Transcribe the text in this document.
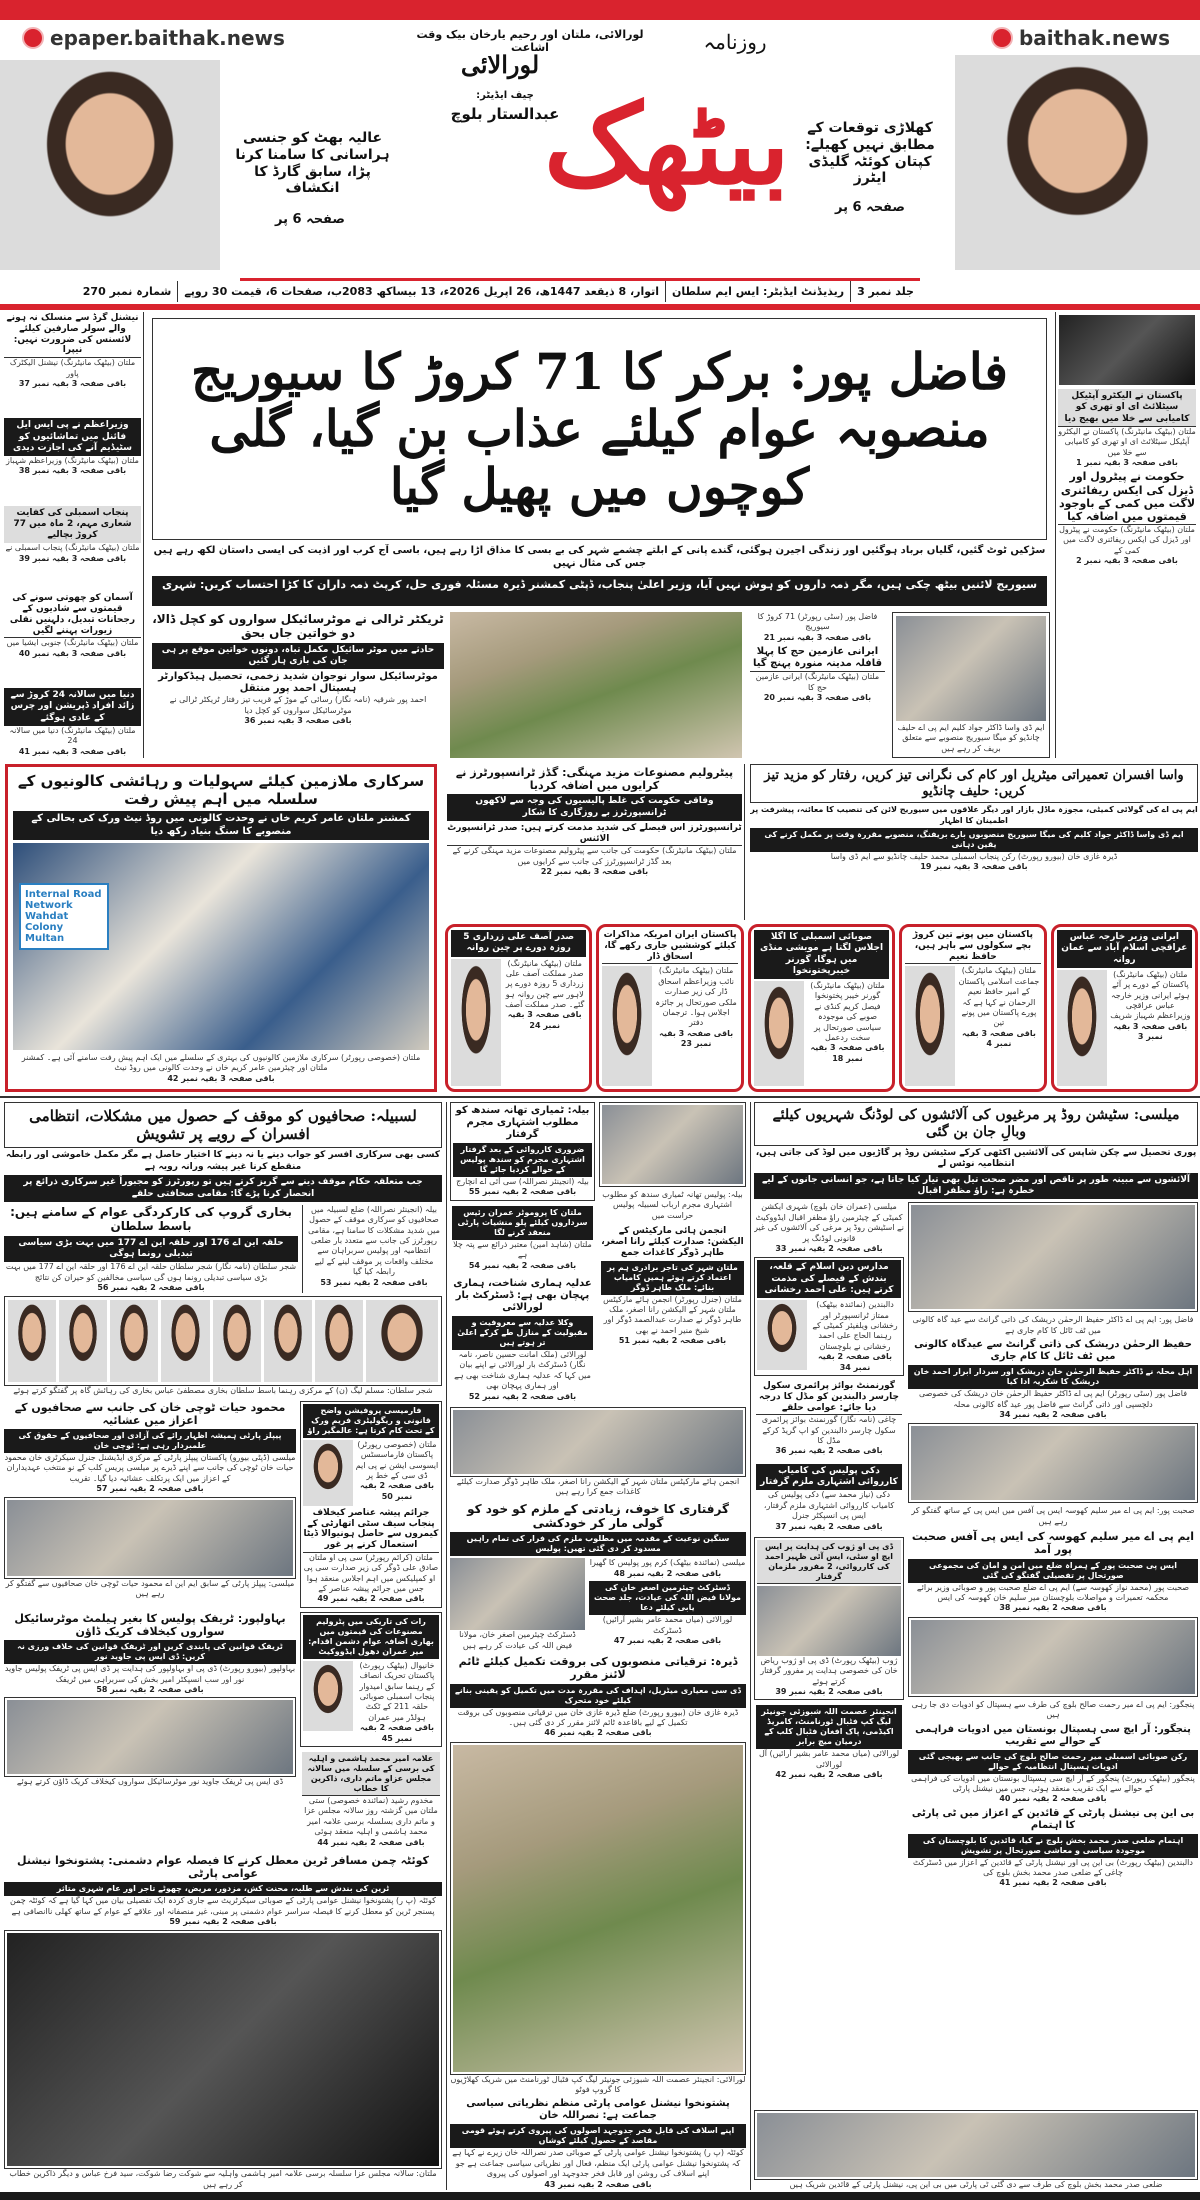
epaper.baithak.news	baithak.news
عالیہ بھٹ کو جنسی ہراسانی کا سامنا کرنا پڑا، سابق گارڈ کا انکشاف
صفحہ 6 پر
لورالائی، ملتان اور رحیم یارخان بیک وقت اشاعت
لورالائی
چیف ایڈیٹر:
عبدالستار بلوچ
روزنامہ
بیٹھک	کھلاڑی توقعات کے مطابق نہیں کھیلے: کپتان کوئٹہ گلیڈی ایٹرز
صفحہ 6 پر
جلد نمبر 3
ریذیڈنٹ ایڈیٹر: ایس ایم سلطان
اتوار، 8 ذیقعد 1447ھ، 26 اپریل 2026ء، 13 بیساکھ 2083ب، صفحات 6، قیمت 30 روپے
شمارہ نمبر 270
نیشنل گرڈ سے منسلک نہ ہونے والے سولر صارفین کیلئے لائسنس کی ضرورت نہیں: نیپرا
ملتان (بیٹھک مانیٹرنگ) نیشنل الیکٹرک پاور
باقی صفحہ 3 بقیہ نمبر 37
وزیراعظم نے پی ایس ایل فائنل میں تماشائیوں کو سٹیڈیم آنے کی اجازت دیدی
ملتان (بیٹھک مانیٹرنگ) وزیراعظم شہباز
باقی صفحہ 3 بقیہ نمبر 38
پنجاب اسمبلی کی کفایت شعاری مہم، 2 ماہ میں 77 کروڑ بچالیے
ملتان (بیٹھک مانیٹرنگ) پنجاب اسمبلی نے
باقی صفحہ 3 بقیہ نمبر 39
آسمان کو چھوتی سونے کی قیمتوں سے شادیوں کے رجحانات تبدیل، دلہنیں نقلی زیورات پہننے لگیں
ملتان (بیٹھک مانیٹرنگ) جنوبی ایشیا میں
باقی صفحہ 3 بقیہ نمبر 40
دنیا میں سالانہ 24 کروڑ سے زائد افراد ڈپریشن اور چرس کے عادی ہوگئے
ملتان (بیٹھک مانیٹرنگ) دنیا میں سالانہ 24
باقی صفحہ 3 بقیہ نمبر 41
فاضل پور: برکر کا 71 کروڑ کا سیوریج منصوبہ عوام کیلئے عذاب بن گیا، گلی کوچوں میں پھیل گیا
سڑکیں ٹوٹ گئیں، گلیاں برباد ہوگئیں اور زندگی اجیرن ہوگئی، گندے پانی کے ابلتے چشمے شہر کی بے بسی کا مذاق اڑا رہے ہیں، باسی آج کرب اور اذیت کی ایسی داستان لکھ رہے ہیں جس کی مثال نہیں
سیوریج لائنیں بیٹھ چکی ہیں، مگر ذمہ داروں کو ہوش نہیں آیا، وزیر اعلیٰ پنجاب، ڈپٹی کمشنر ڈیرہ مسئلہ فوری حل، کرپٹ ذمہ داران کا کڑا احتساب کریں: شہری
پاکستان نے الیکٹرو آپٹیکل سیٹلائٹ ای او تھری کو کامیابی سے خلا میں بھیج دیا
ملتان (بیٹھک مانیٹرنگ) پاکستان نے الیکٹرو آپٹیکل سیٹلائٹ ای او تھری کو کامیابی سے خلا میں
باقی صفحہ 3 بقیہ نمبر 1
حکومت نے پیٹرول اور ڈیزل کی ایکس ریفائنری لاگت میں کمی کے باوجود قیمتوں میں اضافہ کیا
ملتان (بیٹھک مانیٹرنگ) حکومت نے پیٹرول اور ڈیزل کی ایکس ریفائنری لاگت میں کمی کے
باقی صفحہ 3 بقیہ نمبر 2
ٹریکٹر ٹرالی نے موٹرسائیکل سواروں کو کچل ڈالا، دو خواتین جاں بحق
حادثے میں موٹر سائیکل مکمل تباہ، دونوں خواتین موقع پر ہی جان کی بازی ہار گئیں
موٹرسائیکل سوار نوجوان شدید زخمی، تحصیل ہیڈکوارٹر ہسپتال احمد پور منتقل
احمد پور شرقیہ (نامہ نگار) رسائی کے موڑ کے قریب تیز رفتار ٹریکٹر ٹرالی نے موٹرسائیکل سواروں کو کچل دیا
باقی صفحہ 3 بقیہ نمبر 36
فاضل پور (سٹی رپورٹر) 71 کروڑ کا سیوریج
باقی صفحہ 3 بقیہ نمبر 21
ایرانی عازمین حج کا پہلا قافلہ مدینہ منورہ پہنچ گیا
ملتان (بیٹھک مانیٹرنگ) ایرانی عازمین حج کا
باقی صفحہ 3 بقیہ نمبر 20
ایم ڈی واسا ڈاکٹر جواد کلیم ایم پی اے حلیف چانڈیو کو میگا سیوریج منصوبے سے متعلق بریف کر رہے ہیں
سرکاری ملازمین کیلئے سہولیات و رہائشی کالونیوں کے سلسلہ میں اہم پیش رفت
کمشنر ملتان عامر کریم خاں نے وحدت کالونی میں روڈ نیٹ ورک کی بحالی کے منصوبے کا سنگ بنیاد رکھ دیا
Internal Road Network Wahdat Colony Multan
ملتان (خصوصی رپورٹر) سرکاری ملازمین کالونیوں کی بہتری کے سلسلے میں ایک اہم پیش رفت سامنے آئی ہے۔ کمشنر ملتان اور چیئرمین عامر کریم خاں نے وحدت کالونی میں روڈ نیٹ
باقی صفحہ 3 بقیہ نمبر 42
پیٹرولیم مصنوعات مزید مہنگی: گڈز ٹرانسپورٹرز نے کرایوں میں اضافہ کردیا
وفاقی حکومت کی غلط پالیسیوں کی وجہ سے لاکھوں ٹرانسپورٹرز بے روزگاری کا شکار
ٹرانسپورٹرز اس فیصلے کی شدید مذمت کرتے ہیں: صدر ٹرانسپورٹ الائنس
ملتان (بیٹھک مانیٹرنگ) حکومت کی جانب سے پیٹرولیم مصنوعات مزید مہنگی کرنے کے بعد گڈز ٹرانسپورٹرز کی جانب سے کرایوں میں
باقی صفحہ 3 بقیہ نمبر 22
واسا افسران تعمیراتی میٹریل اور کام کی نگرانی تیز کریں، رفتار کو مزید تیز کریں: حلیف چانڈیو
ایم پی اے کی گولائی کمیٹی، مجوزہ ماڈل بازار اور دیگر علاقوں میں سیوریج لائن کی تنصیب کا معائنہ، پیشرفت پر اطمینان کا اظہار
ایم ڈی واسا ڈاکٹر جواد کلیم کی میگا سیوریج منصوبوں بارے بریفنگ، منصوبے مقررہ وقت پر مکمل کرنے کی یقین دہانی
ڈیرہ غازی خان (بیورو رپورٹ) رکن پنجاب اسمبلی محمد حلیف چانڈیو سے ایم ڈی واسا
باقی صفحہ 3 بقیہ نمبر 19
صدر آصف علی زرداری 5 روزہ دورے پر چین روانہ
ملتان (بیٹھک مانیٹرنگ) صدر مملکت آصف علی زرداری 5 روزہ دورے پر لاہور سے چین روانہ ہو گئے۔ صدر مملکت آصف
باقی صفحہ 3 بقیہ نمبر 24
پاکستان ایران امریکہ مذاکرات کیلئے کوششیں جاری رکھے گا، اسحاق ڈار
ملتان (بیٹھک مانیٹرنگ) نائب وزیراعظم اسحاق ڈار کی زیر صدارت ملکی صورتحال پر جائزہ اجلاس ہوا۔ ترجمان دفتر
باقی صفحہ 3 بقیہ نمبر 23
صوبائی اسمبلی کا اگلا اجلاس لگتا ہے مویشی منڈی میں ہوگا، گورنر خیبرپختونخوا
ملتان (بیٹھک مانیٹرنگ) گورنر خیبر پختونخوا فیصل کریم کنڈی نے صوبے کی موجودہ سیاسی صورتحال پر سخت ردعمل
باقی صفحہ 3 بقیہ نمبر 18
پاکستان میں پونے تین کروڑ بچے سکولوں سے باہر ہیں، حافظ نعیم
ملتان (بیٹھک مانیٹرنگ) جماعت اسلامی پاکستان کے امیر حافظ نعیم الرحمان نے کہا ہے کہ پورے پاکستان میں پونے تین
باقی صفحہ 3 بقیہ نمبر 4
ایرانی وزیر خارجہ عباس عراقچی اسلام آباد سے عمان روانہ
ملتان (بیٹھک مانیٹرنگ) پاکستان کے دورے پر آئے ہوئے ایرانی وزیر خارجہ عباس عراقچی وزیراعظم شہباز شریف
باقی صفحہ 3 بقیہ نمبر 3
لسبیلہ: صحافیوں کو موقف کے حصول میں مشکلات، انتظامی افسران کے رویے پر تشویش
کسی بھی سرکاری افسر کو جواب دینے یا نہ دینے کا اختیار حاصل ہے مگر مکمل خاموشی اور رابطہ منقطع کرنا غیر پیشہ ورانہ رویہ ہے
جب متعلقہ حکام موقف دینے سے گریز کرتے ہیں تو رپورٹرز کو مجبوراً غیر سرکاری ذرائع پر انحصار کرنا پڑے گا: مقامی صحافتی حلقے
بخاری گروپ کی کارکردگی عوام کے سامنے ہیں: باسط سلطان
حلقہ این اے 176 اور حلقہ این اے 177 میں بہت بڑی سیاسی تبدیلی رونما ہوگی
شجر سلطان (نامہ نگار) شجر سلطان حلقہ این اے 176 اور حلقہ این اے 177 میں بہت بڑی سیاسی تبدیلی رونما ہوں گی سیاسی مخالفین کو حیران کن نتائج
باقی صفحہ 2 بقیہ نمبر 56
بیلہ (انجینئر نصراللہ) ضلع لسبیلہ میں صحافیوں کو سرکاری موقف کے حصول میں شدید مشکلات کا سامنا ہے، مقامی رپورٹرز کی جانب سے متعدد بار ضلعی انتظامیہ اور پولیس سربراہان سے مختلف واقعات پر موقف لینے کے لیے رابطہ کیا گیا
باقی صفحہ 2 بقیہ نمبر 53
شجر سلطان: مسلم لیگ (ن) کے مرکزی رہنما باسط سلطان بخاری مصطفیٰ عباس بخاری کی رہائش گاہ پر گفتگو کرتے ہوئے
محمود حیات ٹوچی خان کی جانب سے صحافیوں کے اعزاز میں عشائیہ
پیپلز پارٹی ہمیشہ اظہار رائے کی آزادی اور صحافیوں کے حقوق کی علمبردار رہی ہے: ٹوچی خان
میلسی (ڈپٹی بیورو) پاکستان پیپلز پارٹی کے مرکزی ایڈیشنل جنرل سیکرٹری خان محمود حیات خان ٹوچی کی جانب سے اپنے ڈیرے پر میلسی پریس کلب کے نو منتخب عہدیداران کے اعزاز میں ایک پرتکلف عشائیہ دیا گیا۔ تقریب
باقی صفحہ 2 بقیہ نمبر 57
میلسی: پیپلز پارٹی کے سابق ایم این اے محمود حیات ٹوچی خان صحافیوں سے گفتگو کر رہے ہیں
فارمیسی پروفیشن واضح قانونی و ریگولیٹری فریم ورک کے تحت کام کرتا ہے: عالمگیر راؤ
ملتان (خصوصی رپورٹر) پاکستان فارماسسٹس ایسوسی ایشن نے پی ایم ڈی سی کے خط پر
باقی صفحہ 2 بقیہ نمبر 50
جرائم پیشہ عناصر کیخلاف پنجاب سیف سٹی اتھارٹی کے کیمروں سے حاصل ہونیوالا ڈیٹا استعمال کرنے پر غور
ملتان (کرائم رپورٹر) سی پی او ملتان صادق علی ڈوگر کی زیر صدارت سی پی او کمپلیکس میں اہم اجلاس منعقد ہوا جس میں جرائم پیشہ عناصر کے
باقی صفحہ 2 بقیہ نمبر 49
بہاولپور: ٹریفک پولیس کا بغیر ہیلمٹ موٹرسائیکل سواروں کیخلاف کریک ڈاؤن
ٹریفک قوانین کی پابندی کریں اور ٹریفک قوانین کی خلاف ورزی نہ کریں: ڈی ایس پی جاوید نور
بہاولپور (بیورو رپورٹ) ڈی پی او بہاولپور کی ہدایت پر ڈی ایس پی ٹریفک پولیس جاوید نور اور سب انسپکٹر امیر بخش کی سربراہی میں ٹریفک
باقی صفحہ 2 بقیہ نمبر 58
ڈی ایس پی ٹریفک جاوید نور موٹرسائیکل سواروں کیخلاف کریک ڈاؤن کرتے ہوئے
رات کی تاریکی میں پٹرولیم مصنوعات کی قیمتوں میں بھاری اضافہ عوام دشمن اقدام: میر عمران دھول ایڈووکیٹ
خانیوال (بیٹھک رپورٹ) پاکستان تحریک انصاف کے رہنما سابق امیدوار پنجاب اسمبلی صوبائی حلقہ 211 کے ٹکٹ ہولڈر میر عمران
باقی صفحہ 2 بقیہ نمبر 45
علامہ امیر محمد ہاشمی و اہلیہ کی برسی کے سلسلہ میں سالانہ مجلس عزاو ماتم داری، ذاکرین کا خطاب
مخدوم رشید (نمائندہ خصوصی) ستی ملتان میں گزشتہ روز سالانہ مجلس عزا و ماتم داری بسلسلہ برسی علامہ امیر محمد ہاشمی و اہلیہ منعقد ہوئی
باقی صفحہ 2 بقیہ نمبر 44
کوئٹہ چمن مسافر ٹرین معطل کرنے کا فیصلہ عوام دشمنی: پشتونخوا نیشنل عوامی پارٹی
ٹرین کی بندش سے طلبہ، محنت کش، مزدور، مریض، چھوٹے تاجر اور عام شہری متاثر
کوئٹہ (پ ر) پشتونخوا نیشنل عوامی پارٹی کے صوبائی سیکرٹریٹ سے جاری کردہ ایک تفصیلی بیان میں کہا گیا ہے کہ کوئٹہ چمن پسنجر ٹرین کو معطل کرنے کا فیصلہ سراسر عوام دشمنی پر مبنی، غیر منصفانہ اور علاقے کے عوام کے ساتھ کھلی ناانصافی ہے
باقی صفحہ 2 بقیہ نمبر 59
ملتان: سالانہ مجلس عزا سلسلہ برسی علامہ امیر ہاشمی واہلیہ سے شوکت رضا شوکت، سید فرخ عباس و دیگر ذاکرین خطاب کر رہے ہیں
بیلہ: ٹمیاری تھانہ سندھ کو مطلوب اشتہاری مجرم گرفتار
ضروری کارروائی کے بعد گرفتار اشتہاری مجرم کو سندھ پولیس کے حوالے کردیا جائے گا
بیلہ (انجینئر نصراللہ) سی آئی اے انچارج
باقی صفحہ 2 بقیہ نمبر 55
ملتان کا پروموٹر عمران رئیس سرداروں کیلئے پلو منشیات پارٹی منعقد کرنے لگا
ملتان (شاہد امین) معتبر ذرائع سے پتہ چلا ہے
باقی صفحہ 2 بقیہ نمبر 54
عدلیہ ہماری شناخت، ہماری پہچان بھی ہے: ڈسٹرکٹ بار لورالائی
وکلا عدلیہ سے معروفیت و مقبولیت کے منازل طے کرکے اعلیٰ تر ہوتے ہیں
لورالائی (ملک امانت حسین ناصر، نامہ نگار) ڈسٹرکٹ بار لورالائی نے اپنے بیان میں کہا کہ عدلیہ ہماری شناخت بھی ہے اور ہماری پہچان بھی
باقی صفحہ 2 بقیہ نمبر 52
بیلہ: پولیس تھانہ ٹمیاری سندھ کو مطلوب اشتہاری مجرم ارباب لسبیلہ پولیس حراست میں
انجمن ہائی مارکیٹس کے الیکشن: صدارت کیلئے رانا اصغر، طاہر ڈوگر کاغذات جمع
ملتان شہر کی تاجر برادری ہم پر اعتماد کرتے ہوئے ہمیں کامیاب بنائے: ملک طاہر ڈوگر
ملتان (جنرل رپورٹر) انجمن ہائے مارکیٹس ملتان شہر کے الیکشن رانا اصغر، ملک طاہر ڈوگر نے صدارت عبدالصمد ڈوگر اور شیخ منیر احمد نے بھی
باقی صفحہ 2 بقیہ نمبر 51
انجمن ہائے مارکیٹس ملتان شہر کے الیکشن رانا اصغر، ملک طاہر ڈوگر صدارت کیلئے کاغذات جمع کرا رہے ہیں
گرفتاری کا خوف، زیادتی کے ملزم کو خود کو گولی مار کر خودکشی
سنگین نوعیت کے مقدمہ میں مطلوب ملزم کی فرار کی تمام راہیں مسدود کر دی گئی تھیں: پولیس
ڈسٹرکٹ چیئرمین اصغر خان، مولانا فیض اللہ کی عیادت کر رہے ہیں
میلسی (نمائندہ بیٹھک) کرم پور پولیس کا گھیرا
باقی صفحہ 2 بقیہ نمبر 48
ڈسٹرکٹ چیئرمین اصغر خان کی مولانا فیض اللہ کی عیادت، جلد صحت یابی کیلئے دعا
لورالائی (میاں محمد عامر بشیر آرائیں) ڈسٹرکٹ
باقی صفحہ 2 بقیہ نمبر 47
ڈیرہ: ترقیاتی منصوبوں کی بروقت تکمیل کیلئے ٹائم لائنز مقرر
ڈی سی معیاری میٹریل، اہداف کی مقررہ مدت میں تکمیل کو یقینی بنانے کیلئے خود متحرک
ڈیرہ غازی خان (بیورو رپورٹ) ضلع ڈیرہ غازی خان میں ترقیاتی منصوبوں کی بروقت تکمیل کے لیے باقاعدہ ٹائم لائنز مقرر کر دی گئی ہیں۔
باقی صفحہ 2 بقیہ نمبر 46
لورالائی: انجینئر عصمت اللہ شبوزئی جونیئر لیگ کپ فٹبال ٹورنامنٹ میں شریک کھلاڑیوں کا گروپ فوٹو
پشتونخوا نیشنل عوامی پارٹی منظم نظریاتی سیاسی جماعت ہے: نصراللہ خان
اپنے اسلاف کی قابل فخر جدوجہد اصولوں کی پیروی کرتے ہوئے قومی مقاصد کے حصول کیلئے کوشاں
کوئٹہ (پ ر) پشتونخوا نیشنل عوامی پارٹی کے صوبائی صدر نصراللہ خان زیرے نے کہا ہے کہ پشتونخوا نیشنل عوامی پارٹی ایک منظم، فعال اور نظریاتی سیاسی جماعت ہے جو اپنے اسلاف کی روشن اور قابل فخر جدوجہد اور اصولوں کی پیروی
باقی صفحہ 2 بقیہ نمبر 43
میلسی: سٹیشن روڈ پر مرغیوں کی آلائشوں کی لوڈنگ شہریوں کیلئے وبالِ جان بن گئی
پوری تحصیل سے چکن شاپس کی آلائشیں اکٹھی کرکے سٹیشن روڈ پر گاڑیوں میں لوڈ کی جاتی ہیں، انتظامیہ نوٹس لے
آلائشوں سے مبینہ طور پر ناقص اور مضر صحت تیل بھی تیار کیا جاتا ہے، جو انسانی جانوں کے لیے خطرہ ہے: راؤ مظفر اقبال
میلسی (عمران خان بلوچ) شہری ایکشن کمیٹی کے چیئرمین راؤ مظفر اقبال ایڈووکیٹ نے اسٹیشن روڈ پر مرغی کی آلائشوں کی غیر قانونی لوڈنگ پر
باقی صفحہ 2 بقیہ نمبر 33
مدارس دین اسلام کے قلعہ، بندش کے فیصلے کی مذمت کرتے ہیں: علی احمد رخشانی
دالبندین (نمائندہ بیٹھک) ممتاز ٹرانسپورٹر اور رخشانی ویلفیئر کمیٹی کے رہنما الحاج علی احمد رخشانی نے بلوچستان
باقی صفحہ 2 بقیہ نمبر 34
گورنمنٹ بوائز پرائمری سکول چارسر دالبندین کو مڈل کا درجہ دیا جائے: عوامی حلقے
چاغی (نامہ نگار) گورنمنٹ بوائز پرائمری سکول چارسر دالبندین کو اپ گریڈ کرکے مڈل کا
باقی صفحہ 2 بقیہ نمبر 36
دکی پولیس کی کامیاب کارروائی اشتہاری ملزم گرفتار
دکی (نیاز محمد سے) دکی پولیس کی کامیاب کارروائی اشتہاری ملزم گرفتار، ایس پی انسپکٹر جنرل
باقی صفحہ 2 بقیہ نمبر 37
ڈی پی او ژوب کی ہدایت پر ایس ایچ او سٹی، ایس آئی ظہیر احمد کی کارروائی، 2 مفرور ملزمان گرفتار
ژوب (بیٹھک رپورٹ) ڈی پی او ژوب ریاض خان کی خصوصی ہدایت پر مفرور گرفتار کرتے ہوئے
باقی صفحہ 2 بقیہ نمبر 39
انجینئر عصمت اللہ شبوزئی جونیئر لیگ کپ فٹبال ٹورنامنٹ، کامریڈ اکیڈمی، پاک افغان فٹبال کلب کے درمیان میچ برابر
لورالائی (میاں محمد عامر بشیر آرائیں) آل لورالائی
باقی صفحہ 2 بقیہ نمبر 42
فاضل پور: ایم پی اے ڈاکٹر حفیظ الرحمٰن دریشک کی ذاتی گرانٹ سے عید گاہ کالونی میں ٹف ٹائل کا کام جاری ہے
حفیظ الرحمٰن دریشک کی ذاتی گرانٹ سے عیدگاہ کالونی میں ٹف ٹائل کا کام جاری
اہل محلہ نے ڈاکٹر حفیظ الرحمٰن خان دریشک اور سردار ابرار احمد خان دریشک کا شکریہ ادا کیا
فاضل پور (سٹی رپورٹر) ایم پی اے ڈاکٹر حفیظ الرحمٰن خان دریشک کی خصوصی دلچسپی اور ذاتی گرانٹ سے فاضل پور عید گاہ کالونی محلہ
باقی صفحہ 2 بقیہ نمبر 34
صحبت پور: ایم پی اے میر سلیم کھوسہ ایس پی آفس میں ایس پی کے ساتھ گفتگو کر رہے ہیں
ایم پی اے میر سلیم کھوسہ کی ایس پی آفس صحبت پور آمد
ایس پی صحبت پور کے ہمراہ ضلع میں امن و امان کی مجموعی صورتحال پر تفصیلی گفتگو کی گئی
صحبت پور (محمد نواز کھوسہ سے) ایم پی اے ضلع صحبت پور و صوبائی وزیر برائے محکمہ تعمیرات و مواصلات بلوچستان میر سلیم خان کھوسہ کی ایس
باقی صفحہ 2 بقیہ نمبر 38
پنجگور: ایم پی اے میر رحمت صالح بلوچ کی طرف سے ہسپتال کو ادویات دی جا رہی ہیں
پنجگور: آر ایچ سی ہسپتال بونستان میں ادویات فراہمی کے حوالے سے تقریب
رکن صوبائی اسمبلی میر رحمت صالح بلوچ کی جانب سے بھیجی گئی ادویات ہسپتال انتظامیہ کے حوالے
پنجگور (بیٹھک رپورٹ) پنجگور کے آر ایچ سی ہسپتال بونستان میں ادویات کی فراہمی کے حوالے سے ایک تقریب منعقد ہوئی، جس میں نیشنل پارٹی
باقی صفحہ 2 بقیہ نمبر 40
بی این پی نیشنل پارٹی کے قائدین کے اعزاز میں ٹی پارٹی کا اہتمام
اہتمام ضلعی صدر محمد بخش بلوچ نے کیا، قائدین کا بلوچستان کی موجودہ سیاسی و معاشی صورتحال پر تشویش
دالبندین (بیٹھک رپورٹ) بی این پی اور نیشنل پارٹی کے قائدین کے اعزاز میں ڈسٹرکٹ چاغی کے ضلعی صدر محمد بخش بلوچ کی
باقی صفحہ 2 بقیہ نمبر 41
ضلعی صدر محمد بخش بلوچ کی طرف سے دی گئی ٹی پارٹی میں بی این پی، نیشنل پارٹی کے قائدین شریک ہیں
